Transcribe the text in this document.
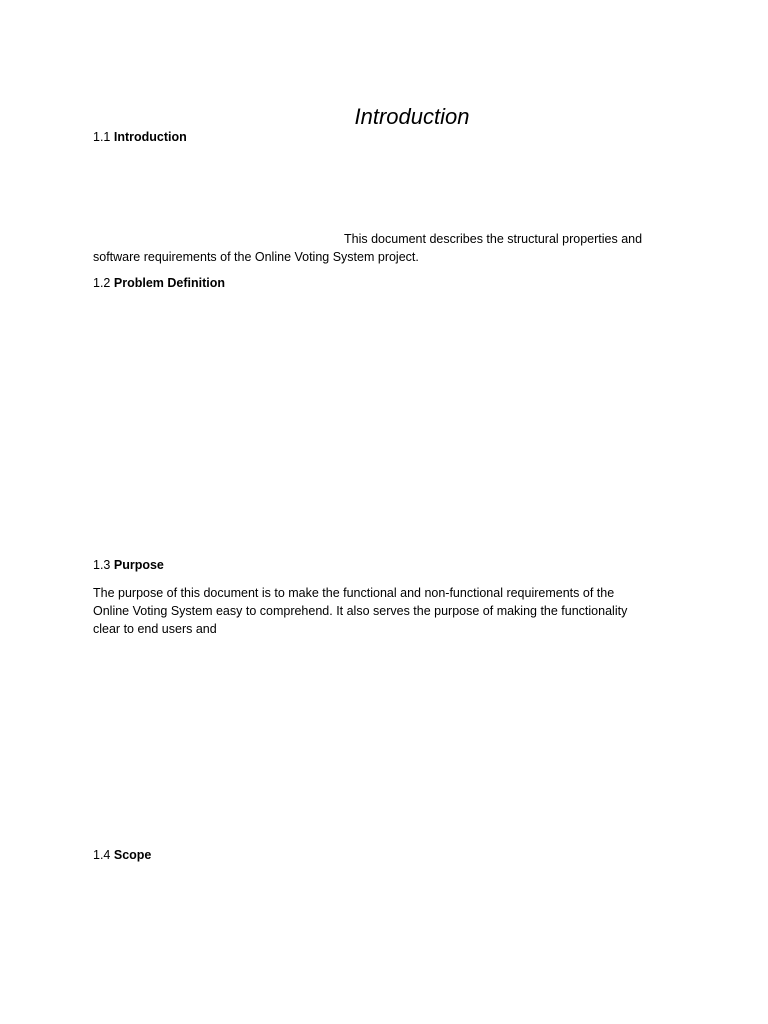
Introduction
1.1 Introduction
This document describes the structural properties and
software requirements of the Online Voting System project.
1.2 Problem Definition
1.3 Purpose
The purpose of this document is to make the functional and non-functional requirements of the
Online Voting System easy to comprehend. It also serves the purpose of making the functionality
clear to end users and
1.4 Scope
